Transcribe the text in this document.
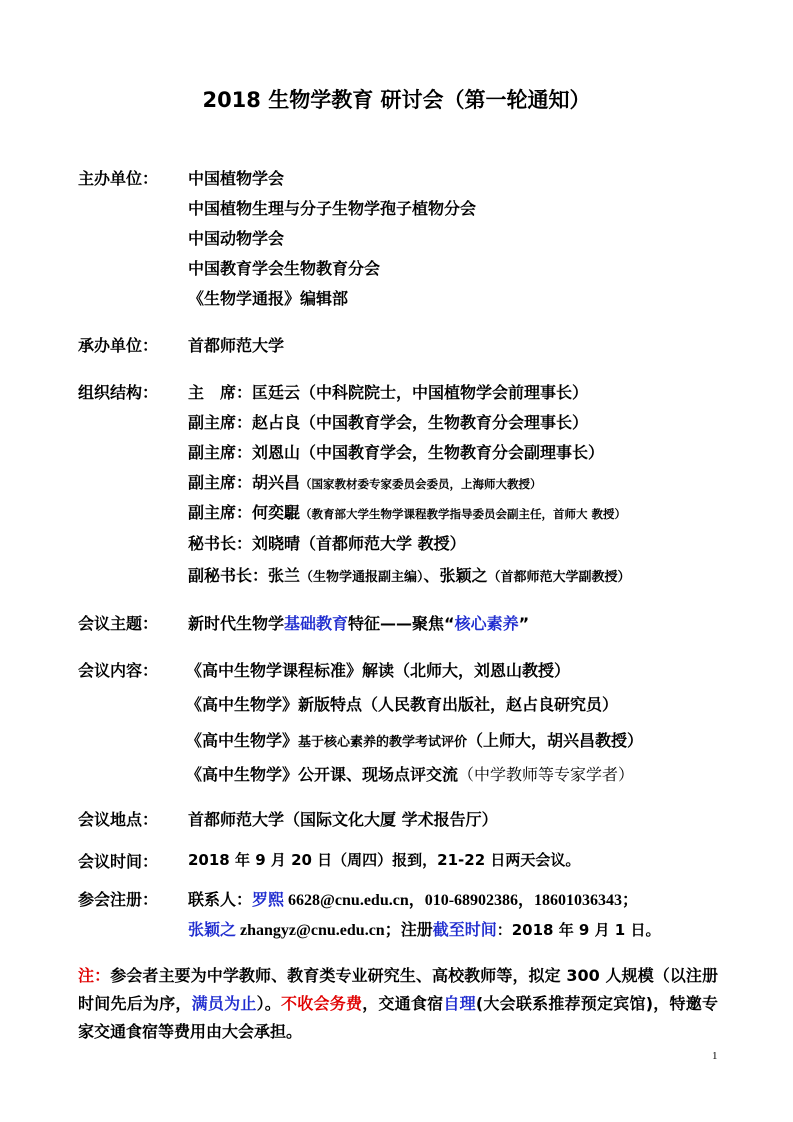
2018 生物学教育 研讨会（第一轮通知）
主办单位： 中国植物学会
中国植物生理与分子生物学孢子植物分会
中国动物学会
中国教育学会生物教育分会
《生物学通报》编辑部
承办单位： 首都师范大学
组织结构： 主　席：匡廷云（中科院院士，中国植物学会前理事长）
副主席：赵占良（中国教育学会，生物教育分会理事长）
副主席：刘恩山（中国教育学会，生物教育分会副理事长）
副主席：胡兴昌（国家教材委专家委员会委员，上海师大教授）
副主席：何奕騉（教育部大学生物学课程教学指导委员会副主任，首师大 教授）
秘书长：刘晓晴（首都师范大学 教授）
副秘书长：张兰（生物学通报副主编）、张颖之（首都师范大学副教授）
会议主题： 新时代生物学基础教育特征——聚焦“核心素养”
会议内容： 《高中生物学课程标准》解读（北师大，刘恩山教授）
《高中生物学》新版特点（人民教育出版社，赵占良研究员）
《高中生物学》基于核心素养的教学考试评价（上师大，胡兴昌教授）
《高中生物学》公开课、现场点评交流（中学教师等专家学者）
会议地点： 首都师范大学（国际文化大厦 学术报告厅）
会议时间： 2018 年 9 月 20 日（周四）报到，21-22 日两天会议。
参会注册： 联系人：罗熙 6628@cnu.edu.cn，010-68902386，18601036343；
张颖之 zhangyz@cnu.edu.cn；注册截至时间：2018 年 9 月 1 日。
注：参会者主要为中学教师、教育类专业研究生、高校教师等，拟定 300 人规模（以注册时间先后为序，满员为止）。不收会务费，交通食宿自理(大会联系推荐预定宾馆)，特邀专家交通食宿等费用由大会承担。
1
